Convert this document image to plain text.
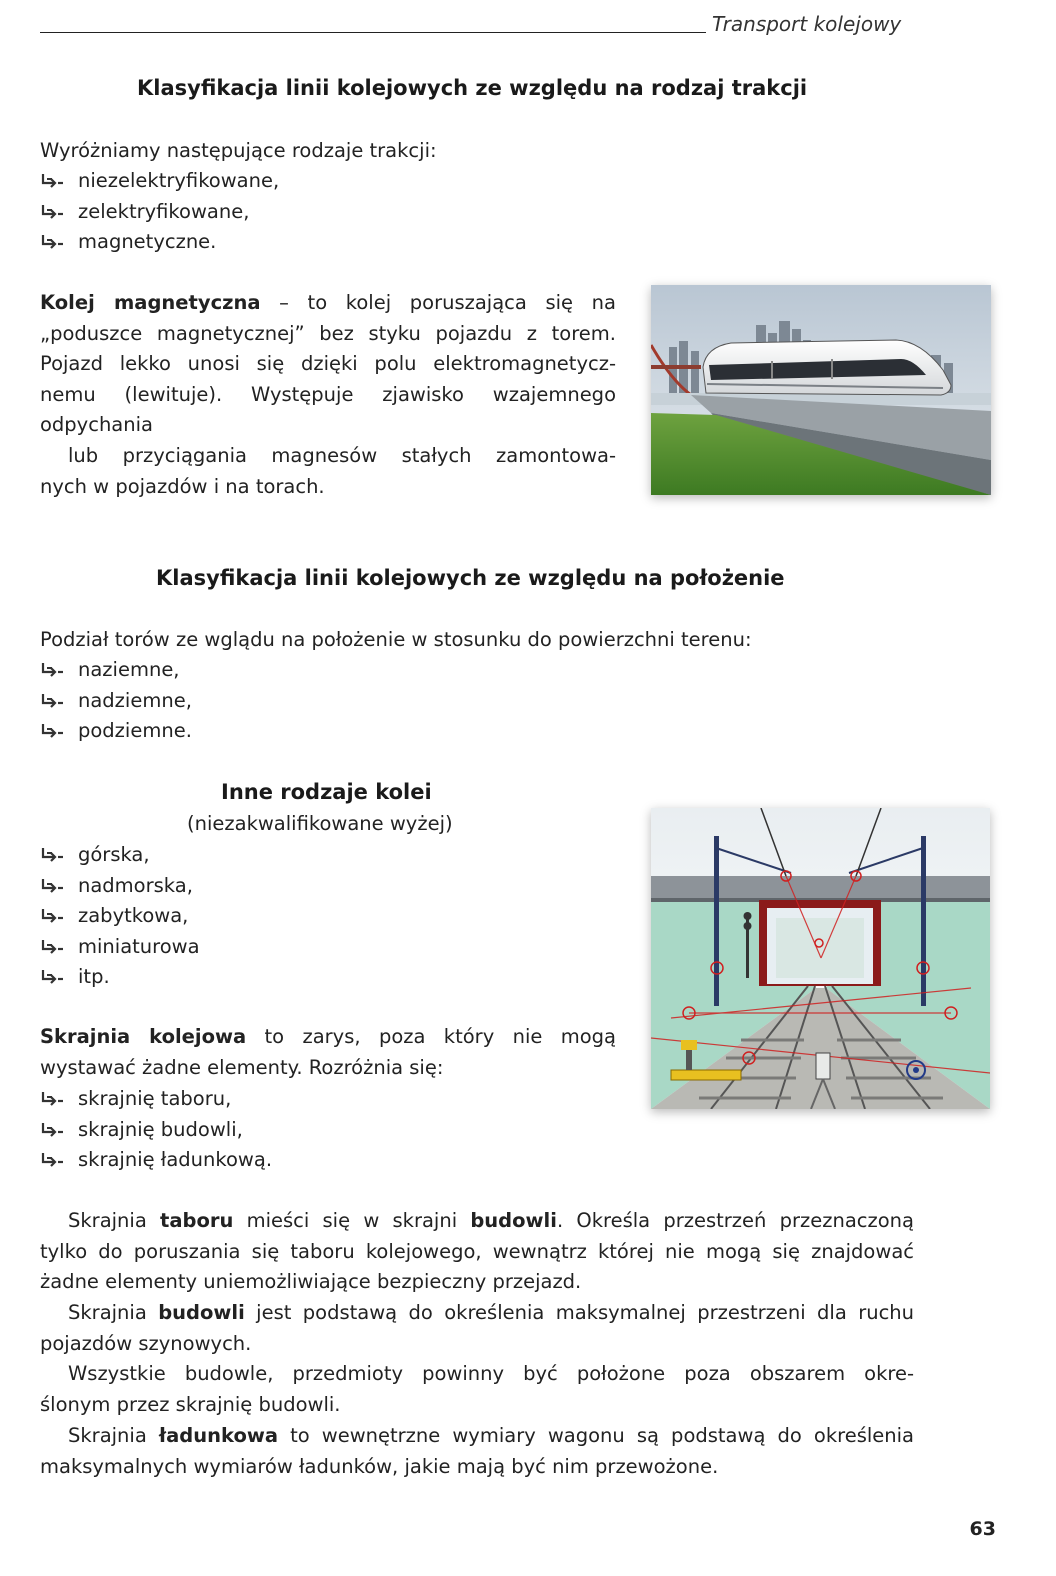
Transport kolejowy
Klasyfikacja linii kolejowych ze względu na rodzaj trakcji
Wyróżniamy następujące rodzaje trakcji:
niezelektryfikowane,
zelektryfikowane,
magnetyczne.
Kolej magnetyczna – to kolej poruszająca się na
„poduszce magnetycznej” bez styku pojazdu z torem.
Pojazd lekko unosi się dzięki polu elektromagnetycz-
nemu (lewituje). Występuje zjawisko wzajemnego
odpychania
lub przyciągania magnesów stałych zamontowa-
nych w pojazdów i na torach.
Klasyfikacja linii kolejowych ze względu na położenie
Podział torów ze wglądu na położenie w stosunku do powierzchni terenu:
naziemne,
nadziemne,
podziemne.
Inne rodzaje kolei
(niezakwalifikowane wyżej)
górska,
nadmorska,
zabytkowa,
miniaturowa
itp.
Skrajnia kolejowa to zarys, poza który nie mogą
wystawać żadne elementy. Rozróżnia się:
skrajnię taboru,
skrajnię budowli,
skrajnię ładunkową.
Skrajnia taboru mieści się w skrajni budowli. Określa przestrzeń przeznaczoną
tylko do poruszania się taboru kolejowego, wewnątrz której nie mogą się znajdować
żadne elementy uniemożliwiające bezpieczny przejazd.
Skrajnia budowli jest podstawą do określenia maksymalnej przestrzeni dla ruchu
pojazdów szynowych.
Wszystkie budowle, przedmioty powinny być położone poza obszarem okre-
ślonym przez skrajnię budowli.
Skrajnia ładunkowa to wewnętrzne wymiary wagonu są podstawą do określenia
maksymalnych wymiarów ładunków, jakie mają być nim przewożone.
63
